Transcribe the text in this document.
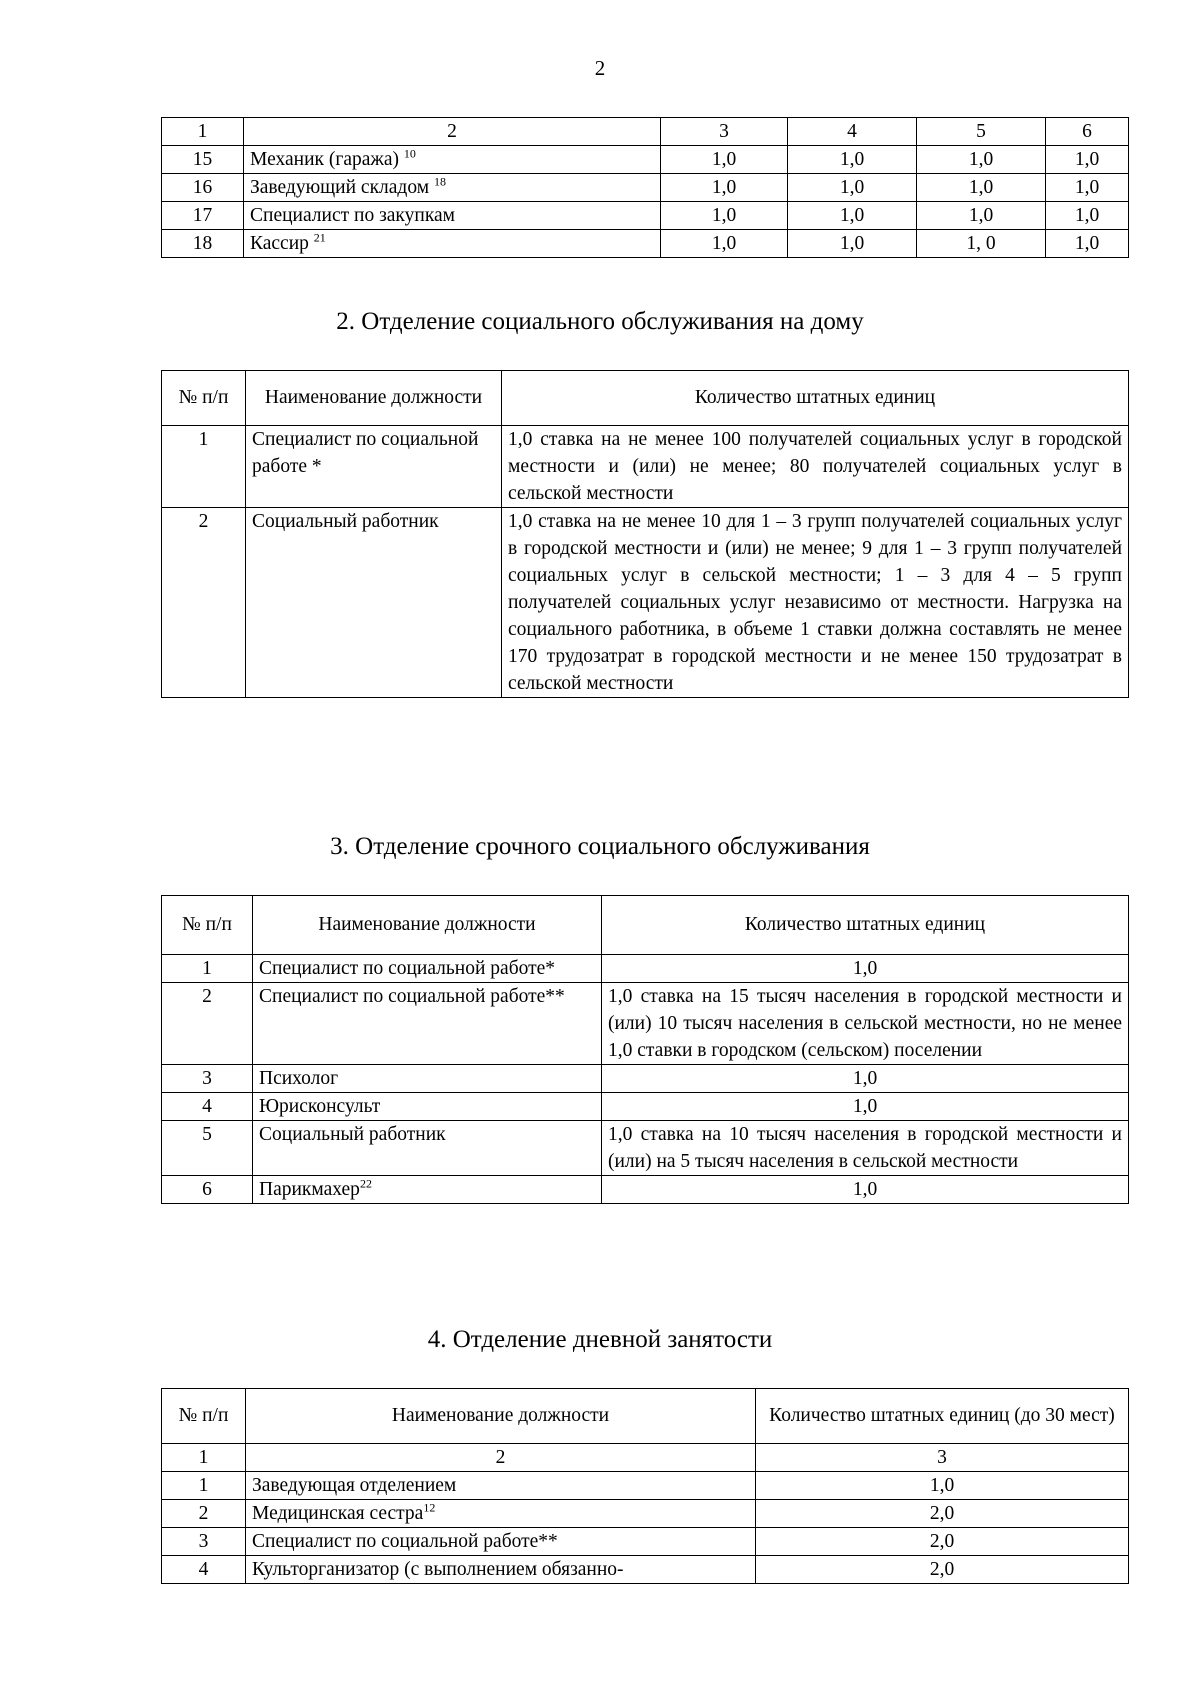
2
1	2	3	4	5	6
15	Механик (гаража) $^{10}$	1,0	1,0	1,0	1,0
16	Заведующий складом $^{18}$	1,0	1,0	1,0	1,0
17	Специалист по закупкам	1,0	1,0	1,0	1,0
18	Кассир $^{21}$	1,0	1,0	1, 0	1,0
2. Отделение социального обслуживания на дому
№ п/п	Наименование должности	Количество штатных единиц
1	Специалист по социальной работе *	1,0 ставка на не менее 100 получателей социальных услуг в городской местности и (или) не менее; 80 получателей социальных услуг в сельской местности
2	Социальный работник	1,0 ставка на не менее 10 для 1 – 3 групп получателей социальных услуг в городской местности и (или) не менее; 9 для 1 – 3 групп получателей социальных услуг в сельской местности; 1 – 3 для 4 – 5 групп получателей социальных услуг независимо от местности. Нагрузка на социального работника, в объеме 1 ставки должна составлять не менее 170 трудозатрат в городской местности и не менее 150 трудозатрат в сельской местности
3. Отделение срочного социального обслуживания
№ п/п	Наименование должности	Количество штатных единиц
1	Специалист по социальной работе*	1,0
2	Специалист по социальной работе**	1,0 ставка на 15 тысяч населения в городской местности и (или) 10 тысяч населения в сельской местности, но не менее 1,0 ставки в городском (сельском) поселении
3	Психолог	1,0
4	Юрисконсульт	1,0
5	Социальный работник	1,0 ставка на 10 тысяч населения в городской местности и (или) на 5 тысяч населения в сельской местности
6	Парикмахер$^{22}$	1,0
4. Отделение дневной занятости
№ п/п	Наименование должности	Количество штатных единиц (до 30 мест)
1	2	3
1	Заведующая отделением	1,0
2	Медицинская сестра$^{12}$	2,0
3	Специалист по социальной работе**	2,0
4	Культорганизатор (с выполнением обязанно-	2,0
